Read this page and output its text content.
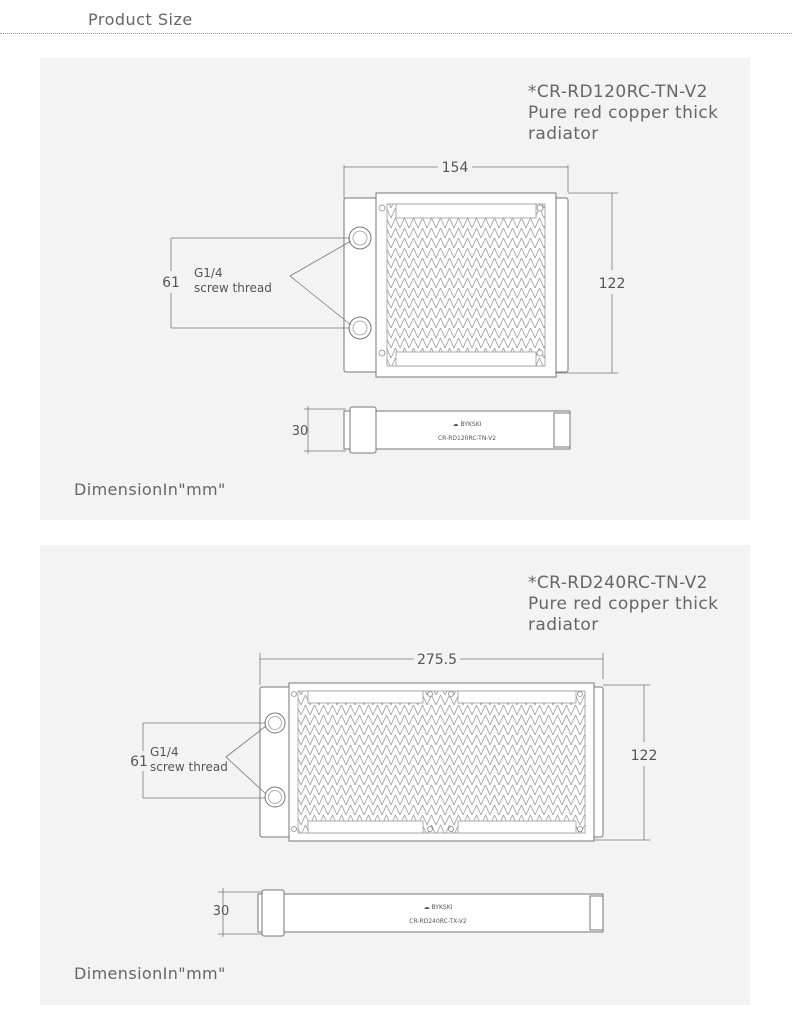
Product Size
154
61
G1/4
screw thread	122
30	☁ BYKSKI
CR-RD120RC-TN-V2
*CR-RD120RC-TN-V2
Pure red copper thick
radiator
DimensionIn"mm"
275.5
61
G1/4
screw thread
122
30	☁ BYKSKI
CR-RD240RC-TX-V2
*CR-RD240RC-TN-V2
Pure red copper thick
radiator
DimensionIn"mm"
